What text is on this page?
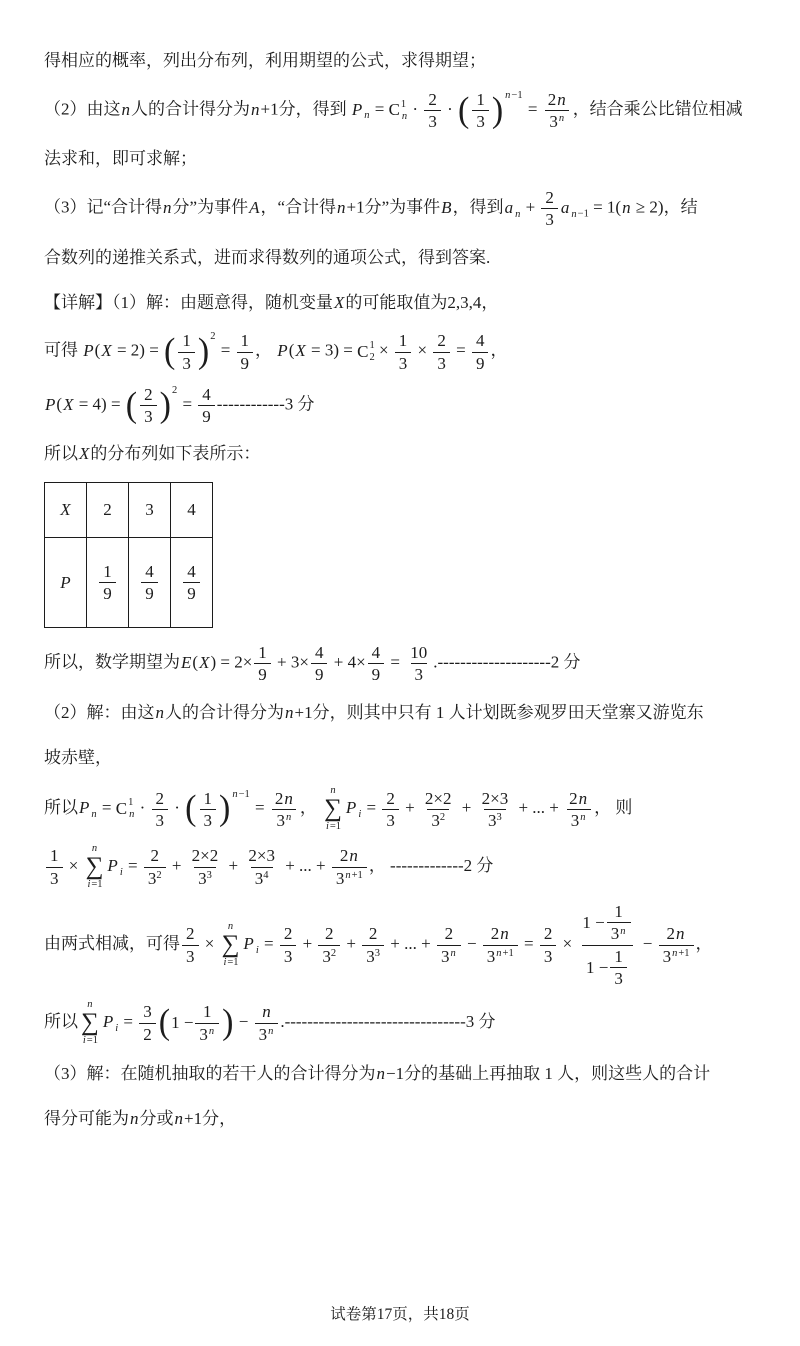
得相应的概率，列出分布列，利用期望的公式，求得期望；

（2）由这n人的合计得分为n+1分，得到 P $_n$ = C 1
$n \cdot \frac{2}{3}$ · ( $\frac{1}{3}$ ) n−1
= $\frac{2 n}{3^n}$ ，结合乘公比错位相减

法求和，即可求解；

（3）记“合计得n分”为事件A，“合计得n+1分”为事件B，得到a $_n + \frac{2}{3}$ a $_{n-1}$ = 1(n ≥ 2)，结

合数列的递推关系式，进而求得数列的通项公式，得到答案.

【详解】（1）解：由题意得，随机变量X的可能取值为2,3,4，

可得 P(X = 2) = ( $\frac{1}{3}$ ) 2
= $\frac{1}{9}$ ， P(X = 3) = C 1
$2 \times \frac{1}{3} \times \frac{2}{3} = \frac{4}{9}$ ，

P(X = 4) = ( $\frac{2}{3}$ ) 2
= $\frac{4}{9} ------------3$ 分

所以X的分布列如下表所示：

X	2	3	4
P	$\frac{1}{9}$	$\frac{4}{9}$	$\frac{4}{9}$

所以，数学期望为$E(X) = 2\times \frac{1}{9} + 3\times \frac{4}{9} + 4\times \frac{4}{9} = \frac{10}{3} .--------------------2$ 分

（2）解：由这n人的合计得分为n+1分，则其中只有 1 人计划既参观罗田天堂寨又游览东

坡赤壁，

所以P $_n$ = C 1
$n \cdot \frac{2}{3}$ · ( $\frac{1}{3}$ ) n−1
= $\frac{2 n}{3^n}$ ，
n
∑
i=1
P $_i = \frac{2}{3} + \frac{2\times 2}{3^2} + \frac{2\times 3}{3^3}$ + ... + $\frac{2 n}{3^n}$ ， 则

$\frac{1}{3}$ ×
n
∑
i=1
P $_i = \frac{2}{3^2} + \frac{2\times 2}{3^3} + \frac{2\times 3}{3^4}$ + ... + $\frac{2 n}{3^{n+1}}$ ， -------------2 分

由两式相减，可得 $\frac{2}{3}$ ×
n
∑
i=1
P $_i = \frac{2}{3} + \frac{2}{3^2} + \frac{2}{3^3}$ + ... + $\frac{2}{3^n} - \frac{2 n}{3^{n+1}} = \frac{2}{3} \times \frac{1 - \frac{1}{3^n}}{1 - \frac{1}{3}} - \frac{2 n}{3^{n+1}}$ ，

所以
n
∑
i=1
P $_i = \frac{3}{2}$ ( $1 - \frac{1}{3^n}$ ) − $\frac{n}{3^n} .--------------------------------3$ 分

（3）解：在随机抽取的若干人的合计得分为n−1分的基础上再抽取 1 人，则这些人的合计

得分可能为n分或n+1分，

试卷第17页，共18页
